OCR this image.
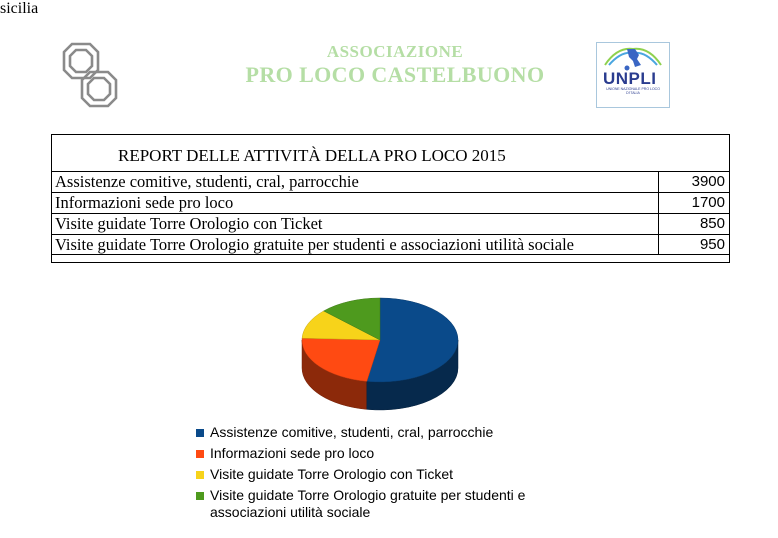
ASSOCIAZIONE
PRO LOCO CASTELBUONO	UNPLI
UNIONE NAZIONALE PRO LOCO D'ITALIA
sicilia
REPORT DELLE ATTIVITÀ DELLA PRO LOCO 2015
Assistenze comitive, studenti, cral, parrocchie	3900
Informazioni sede pro loco	1700
Visite guidate Torre Orologio con Ticket	850
Visite guidate Torre Orologio gratuite per studenti e associazioni utilità sociale	950
Assistenze comitive, studenti, cral, parrocchie
Informazioni sede pro loco
Visite guidate Torre Orologio con Ticket
Visite guidate Torre Orologio gratuite per studenti e associazioni utilità sociale
